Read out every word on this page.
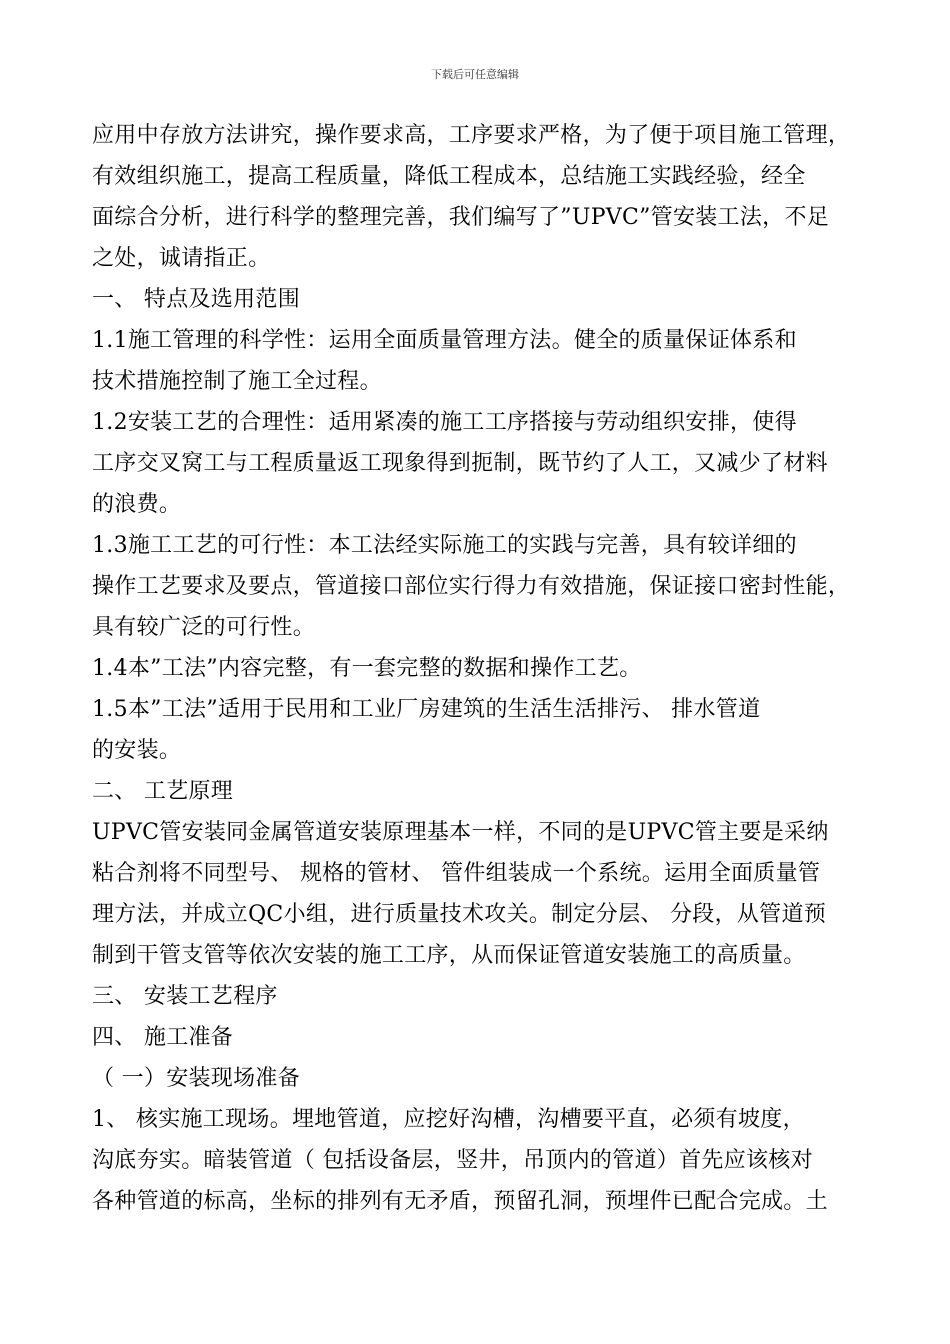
下载后可任意编辑
应用中存放方法讲究，操作要求高，工序要求严格，为了便于项目施工管理，
有效组织施工，提高工程质量，降低工程成本，总结施工实践经验，经全
面综合分析，进行科学的整理完善，我们编写了”UPVC”管安装工法，不足
之处，诚请指正。
一、 特点及选用范围
1.1施工管理的科学性：运用全面质量管理方法。健全的质量保证体系和
技术措施控制了施工全过程。
1.2安装工艺的合理性：适用紧凑的施工工序搭接与劳动组织安排，使得
工序交叉窝工与工程质量返工现象得到扼制，既节约了人工，又减少了材料
的浪费。
1.3施工工艺的可行性：本工法经实际施工的实践与完善，具有较详细的
操作工艺要求及要点，管道接口部位实行得力有效措施，保证接口密封性能，
具有较广泛的可行性。
1.4本”工法”内容完整，有一套完整的数据和操作工艺。
1.5本”工法”适用于民用和工业厂房建筑的生活生活排污、 排水管道
的安装。
二、 工艺原理
UPVC管安装同金属管道安装原理基本一样，不同的是UPVC管主要是采纳
粘合剂将不同型号、 规格的管材、 管件组装成一个系统。运用全面质量管
理方法，并成立QC小组，进行质量技术攻关。制定分层、 分段，从管道预
制到干管支管等依次安装的施工工序，从而保证管道安装施工的高质量。
三、 安装工艺程序
四、 施工准备
（ 一）安装现场准备
1、 核实施工现场。埋地管道，应挖好沟槽，沟槽要平直，必须有坡度，
沟底夯实。暗装管道（ 包括设备层，竖井，吊顶内的管道）首先应该核对
各种管道的标高，坐标的排列有无矛盾，预留孔洞，预埋件已配合完成。土
